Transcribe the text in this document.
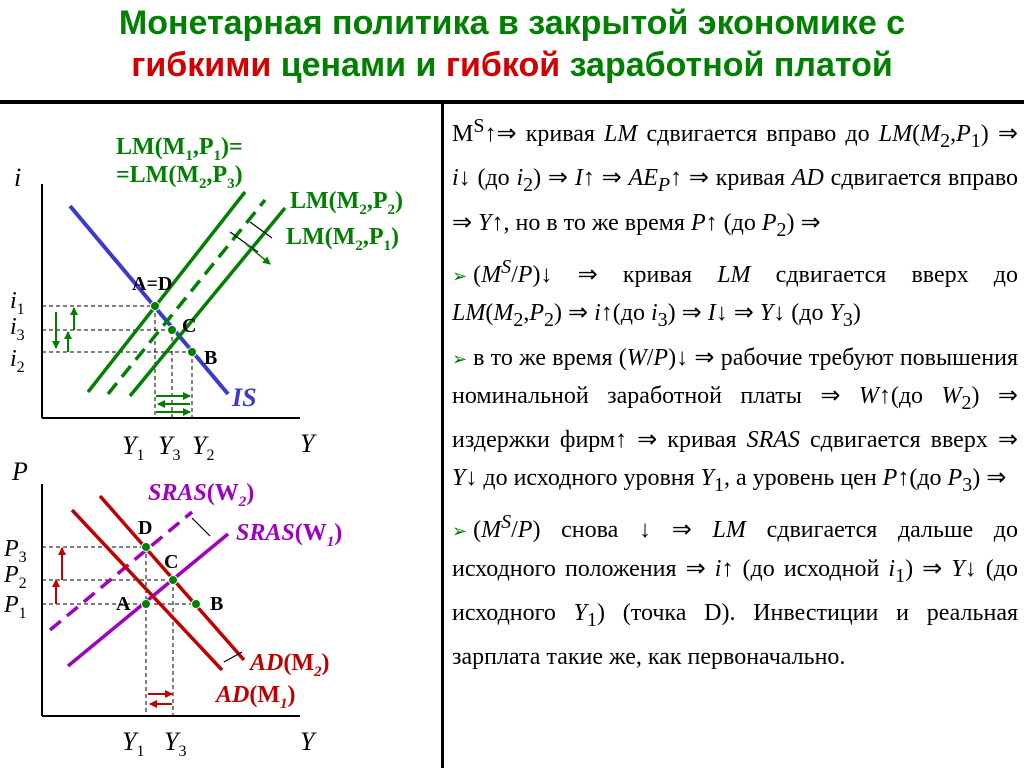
Монетарная политика в закрытой экономике с
гибкими ценами и гибкой заработной платой
i
Y
IS
A=D
C
B
$LM(M_1,P_1)=$
$=LM(M_2,P_3)$
$LM(M_2,P_2)$
$LM(M_2,P_1)$
$i_1$
$i_3$
$i_2$
$Y_1$ $Y_3$ $Y_2$
P
Y
D
C
A	B
$SRAS(W_2)$
$SRAS(W_1)$
$AD(M_2)$
$AD(M_1)$
$P_3$
$P_2$
$P_1$
$Y_1$ $Y_3$

$M^S↑\Rightarrow$ кривая LM сдвигается вправо до $LM(M_2,P_1)$ ⇒ i↓ (до $i_2$) ⇒ I↑ ⇒ $AE_P↑$ ⇒ кривая AD сдвигается вправо ⇒ Y↑, но в то же время P↑ (до $P_2$) ⇒

➢ $(M^S/P)↓$ ⇒ кривая LM сдвигается вверх до $LM(M_2,P_2)$ ⇒ i↑(до $i_3$) ⇒ I↓ ⇒ Y↓ (до $Y_3$)

➢ в то же время (W/P)↓ ⇒ рабочие требуют повышения номинальной заработной платы ⇒ W↑(до $W_2$) ⇒ издержки фирм↑ ⇒ кривая SRAS сдвигается вверх ⇒ Y↓ до исходного уровня $Y_1$, а уровень цен P↑(до $P_3$) ⇒

➢ $(M^S/P)$ снова ↓ ⇒ LM сдвигается дальше до исходного положения ⇒ i↑ (до исходной $i_1$) ⇒ Y↓ (до исходного $Y_1$) (точка D). Инвестиции и реальная зарплата такие же, как первоначально.
